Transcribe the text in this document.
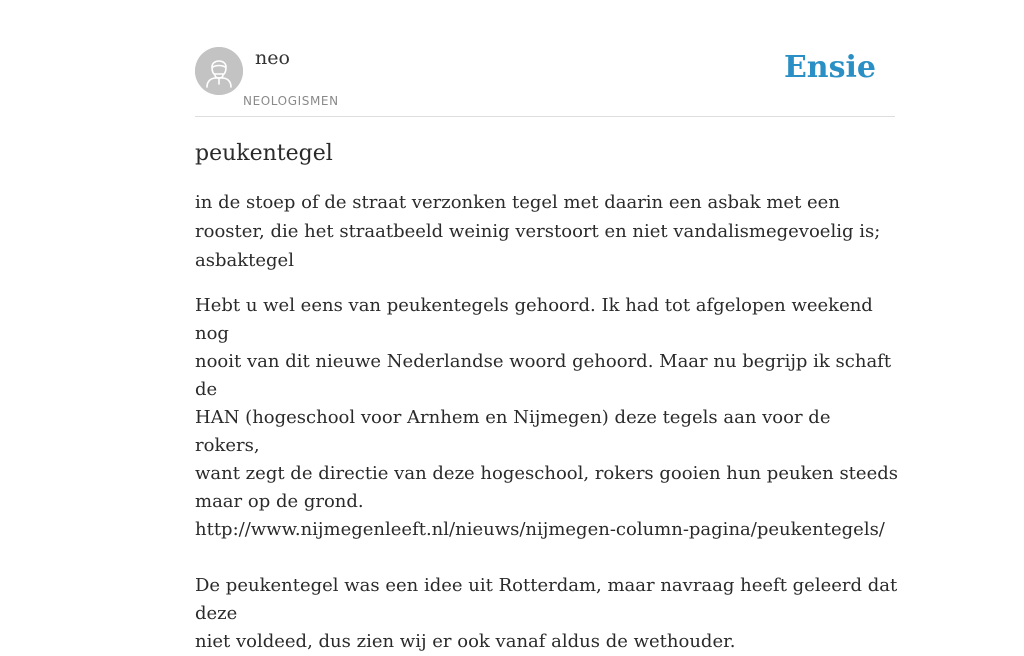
neo
NEOLOGISMEN
Ensie
peukentegel

in de stoep of de straat verzonken tegel met daarin een asbak met een rooster, die het straatbeeld weinig verstoort en niet vandalismegevoelig is; asbaktegel

Hebt u wel eens van peukentegels gehoord. Ik had tot afgelopen weekend nog
nooit van dit nieuwe Nederlandse woord gehoord. Maar nu begrijp ik schaft de
HAN (hogeschool voor Arnhem en Nijmegen) deze tegels aan voor de rokers,
want zegt de directie van deze hogeschool, rokers gooien hun peuken steeds
maar op de grond.
http://www.nijmegenleeft.nl/nieuws/nijmegen-column-pagina/peukentegels/
De peukentegel was een idee uit Rotterdam, maar navraag heeft geleerd dat deze
niet voldeed, dus zien wij er ook vanaf aldus de wethouder.
